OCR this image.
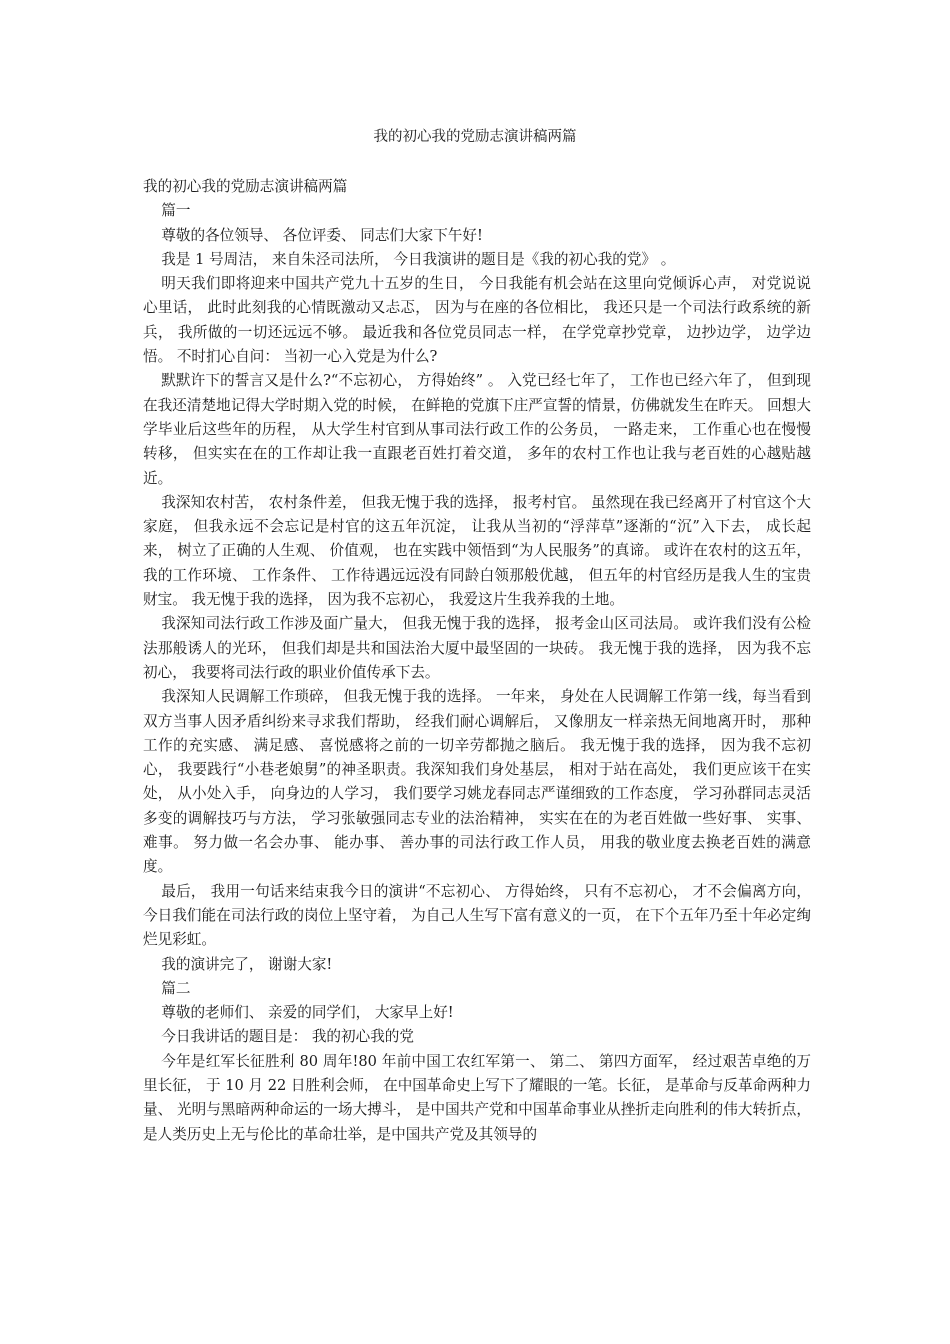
我的初心我的党励志演讲稿两篇

我的初心我的党励志演讲稿两篇

篇一

尊敬的各位领导、 各位评委、 同志们大家下午好!

我是 1 号周洁， 来自朱泾司法所， 今日我演讲的题目是《我的初心我的党》 。

明天我们即将迎来中国共产党九十五岁的生日， 今日我能有机会站在这里向党倾诉心声， 对党说说心里话， 此时此刻我的心情既激动又忐忑， 因为与在座的各位相比， 我还只是一个司法行政系统的新兵， 我所做的一切还远远不够。 最近我和各位党员同志一样， 在学党章抄党章， 边抄边学， 边学边悟。 不时扪心自问： 当初一心入党是为什么?

默默许下的誓言又是什么?“不忘初心， 方得始终” 。 入党已经七年了， 工作也已经六年了， 但到现在我还清楚地记得大学时期入党的时候， 在鲜艳的党旗下庄严宣誓的情景，仿佛就发生在昨天。 回想大学毕业后这些年的历程， 从大学生村官到从事司法行政工作的公务员， 一路走来， 工作重心也在慢慢转移， 但实实在在的工作却让我一直跟老百姓打着交道， 多年的农村工作也让我与老百姓的心越贴越近。

我深知农村苦， 农村条件差， 但我无愧于我的选择， 报考村官。 虽然现在我已经离开了村官这个大家庭， 但我永远不会忘记是村官的这五年沉淀， 让我从当初的“浮萍草”逐渐的“沉”入下去， 成长起来， 树立了正确的人生观、 价值观， 也在实践中领悟到“为人民服务”的真谛。 或许在农村的这五年， 我的工作环境、 工作条件、 工作待遇远远没有同龄白领那般优越， 但五年的村官经历是我人生的宝贵财宝。 我无愧于我的选择， 因为我不忘初心， 我爱这片生我养我的土地。

我深知司法行政工作涉及面广量大， 但我无愧于我的选择， 报考金山区司法局。 或许我们没有公检法那般诱人的光环， 但我们却是共和国法治大厦中最坚固的一块砖。 我无愧于我的选择， 因为我不忘初心， 我要将司法行政的职业价值传承下去。

我深知人民调解工作琐碎， 但我无愧于我的选择。 一年来， 身处在人民调解工作第一线，每当看到双方当事人因矛盾纠纷来寻求我们帮助， 经我们耐心调解后， 又像朋友一样亲热无间地离开时， 那种工作的充实感、 满足感、 喜悦感将之前的一切辛劳都抛之脑后。 我无愧于我的选择， 因为我不忘初心， 我要践行“小巷老娘舅”的神圣职责。我深知我们身处基层， 相对于站在高处， 我们更应该干在实处， 从小处入手， 向身边的人学习， 我们要学习姚龙春同志严谨细致的工作态度， 学习孙群同志灵活多变的调解技巧与方法， 学习张敏强同志专业的法治精神， 实实在在的为老百姓做一些好事、 实事、 难事。 努力做一名会办事、 能办事、 善办事的司法行政工作人员， 用我的敬业度去换老百姓的满意度。

最后， 我用一句话来结束我今日的演讲“不忘初心、 方得始终， 只有不忘初心， 才不会偏离方向， 今日我们能在司法行政的岗位上坚守着， 为自己人生写下富有意义的一页， 在下个五年乃至十年必定绚烂见彩虹。

我的演讲完了， 谢谢大家!

篇二

尊敬的老师们、 亲爱的同学们， 大家早上好!

今日我讲话的题目是： 我的初心我的党

今年是红军长征胜利 80 周年!80 年前中国工农红军第一、 第二、 第四方面军， 经过艰苦卓绝的万里长征， 于 10 月 22 日胜利会师， 在中国革命史上写下了耀眼的一笔。长征， 是革命与反革命两种力量、 光明与黑暗两种命运的一场大搏斗， 是中国共产党和中国革命事业从挫折走向胜利的伟大转折点， 是人类历史上无与伦比的革命壮举，是中国共产党及其领导的
